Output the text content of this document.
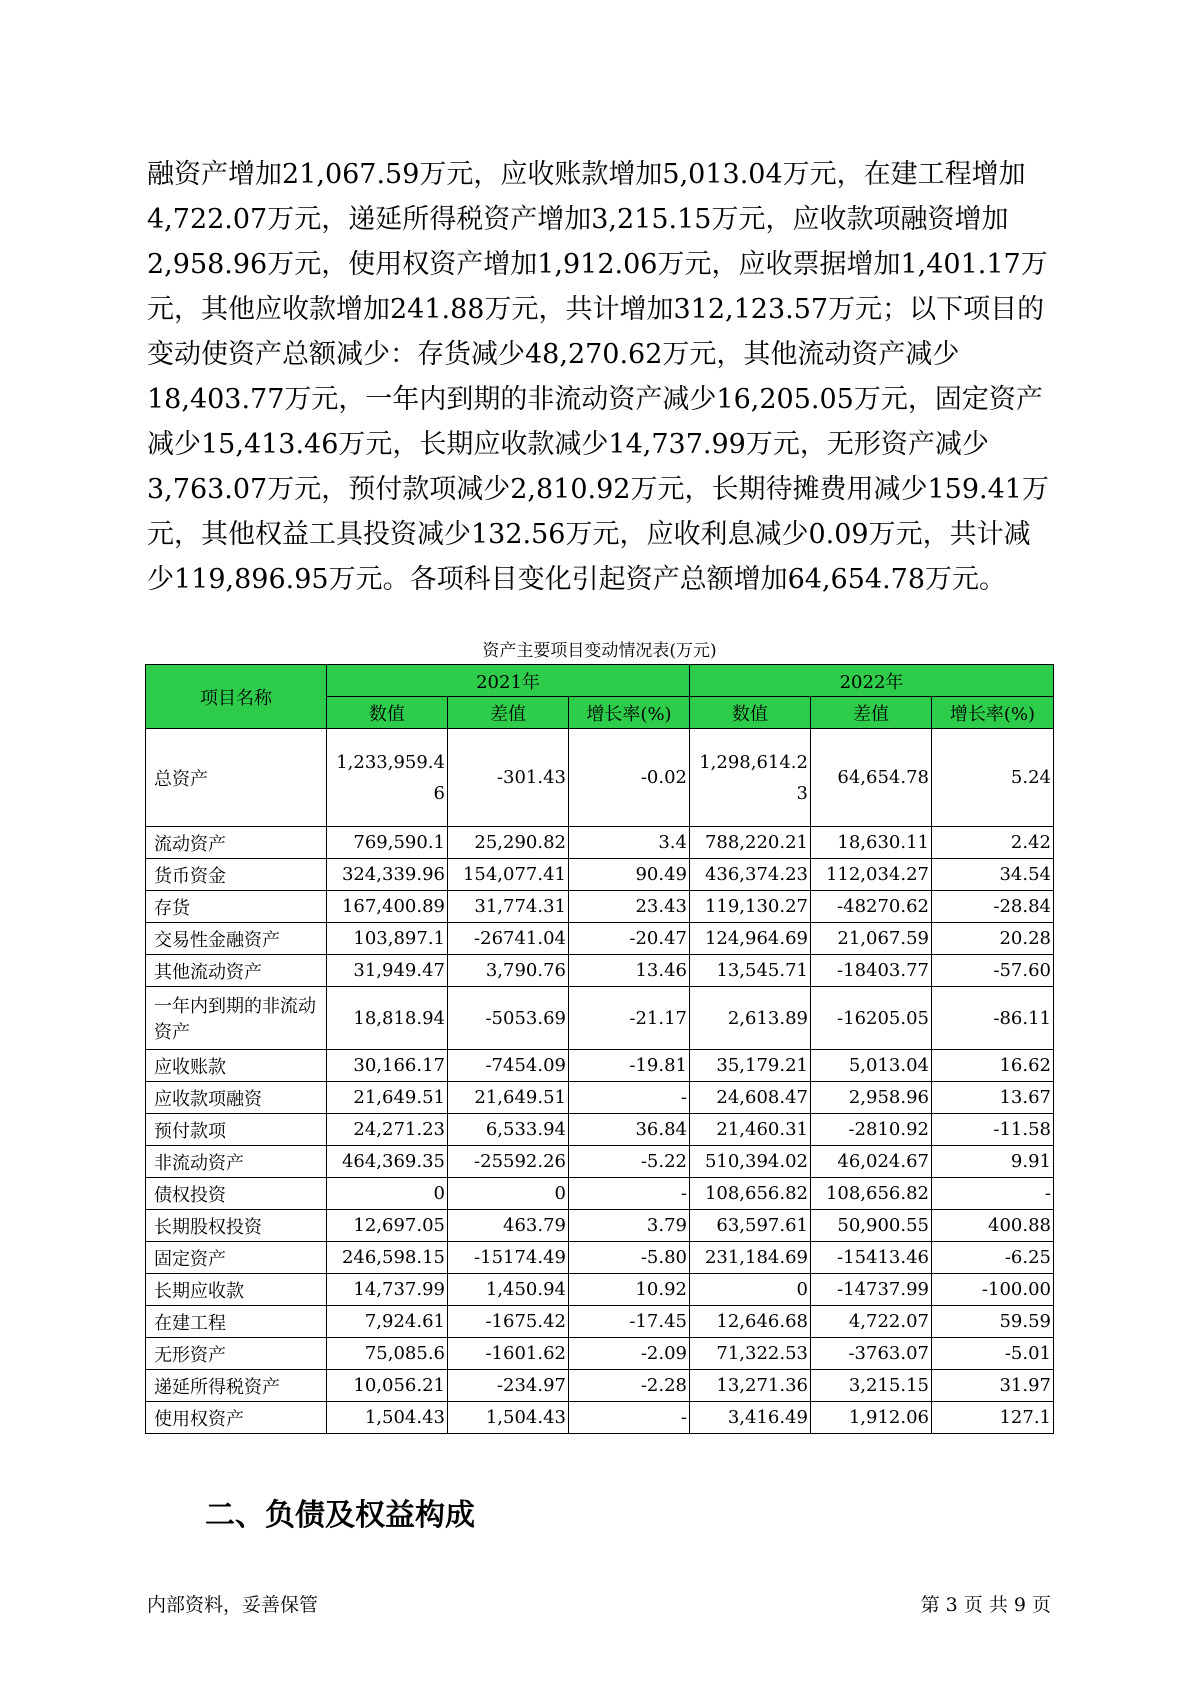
融资产增加21,067.59万元，应收账款增加5,013.04万元，在建工程增加
4,722.07万元，递延所得税资产增加3,215.15万元，应收款项融资增加
2,958.96万元，使用权资产增加1,912.06万元，应收票据增加1,401.17万
元，其他应收款增加241.88万元，共计增加312,123.57万元；以下项目的
变动使资产总额减少：存货减少48,270.62万元，其他流动资产减少
18,403.77万元，一年内到期的非流动资产减少16,205.05万元，固定资产
减少15,413.46万元，长期应收款减少14,737.99万元，无形资产减少
3,763.07万元，预付款项减少2,810.92万元，长期待摊费用减少159.41万
元，其他权益工具投资减少132.56万元，应收利息减少0.09万元，共计减
少119,896.95万元。各项科目变化引起资产总额增加64,654.78万元。

资产主要项目变动情况表(万元)
项目名称	2021年			2022年		
	数值	差值	增长率(%)	数值	差值	增长率(%)
总资产	1,233,959.46	-301.43	-0.02	1,298,614.23	64,654.78	5.24
流动资产	769,590.1	25,290.82	3.4	788,220.21	18,630.11	2.42
货币资金	324,339.96	154,077.41	90.49	436,374.23	112,034.27	34.54
存货	167,400.89	31,774.31	23.43	119,130.27	-48270.62	-28.84
交易性金融资产	103,897.1	-26741.04	-20.47	124,964.69	21,067.59	20.28
其他流动资产	31,949.47	3,790.76	13.46	13,545.71	-18403.77	-57.60
一年内到期的非流动资产	18,818.94	-5053.69	-21.17	2,613.89	-16205.05	-86.11
应收账款	30,166.17	-7454.09	-19.81	35,179.21	5,013.04	16.62
应收款项融资	21,649.51	21,649.51	-	24,608.47	2,958.96	13.67
预付款项	24,271.23	6,533.94	36.84	21,460.31	-2810.92	-11.58
非流动资产	464,369.35	-25592.26	-5.22	510,394.02	46,024.67	9.91
债权投资	0	0	-	108,656.82	108,656.82	-
长期股权投资	12,697.05	463.79	3.79	63,597.61	50,900.55	400.88
固定资产	246,598.15	-15174.49	-5.80	231,184.69	-15413.46	-6.25
长期应收款	14,737.99	1,450.94	10.92	0	-14737.99	-100.00
在建工程	7,924.61	-1675.42	-17.45	12,646.68	4,722.07	59.59
无形资产	75,085.6	-1601.62	-2.09	71,322.53	-3763.07	-5.01
递延所得税资产	10,056.21	-234.97	-2.28	13,271.36	3,215.15	31.97
使用权资产	1,504.43	1,504.43	-	3,416.49	1,912.06	127.1
二、负债及权益构成
内部资料，妥善保管	第 3 页 共 9 页
